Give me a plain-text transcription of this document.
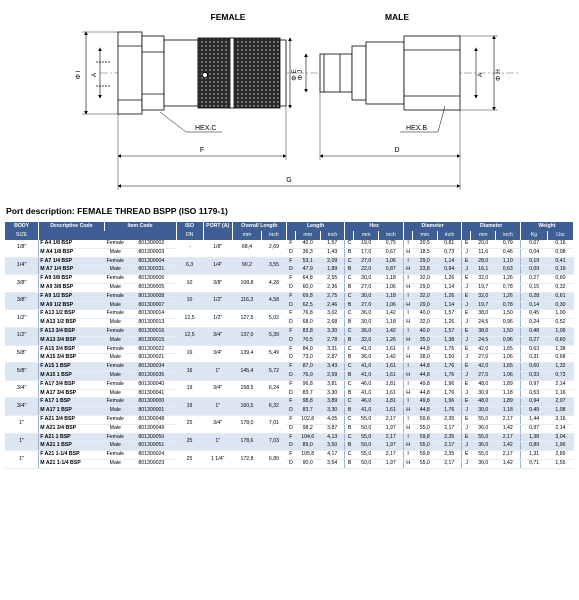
FEMALE	MALE
Φ I A	Φ E Φ J	A Φ H
HEX.C	HEX.B
F	D
G
Port description: FEMALE THREAD BSPP (ISO 1179-1)
BODY	Descriptive Code	Item Code		ISO	PORT (A)	Overall Length		Length			Hex			Diameter			Diameter			Weight	
SIZE				DN		mm	inch		mm	inch		mm	inch		mm	inch		mm	inch	Kg	Lbs
1/8"	F A4 1/8 BSP	Female	801300002	-	1/8"	68,4	2,69	F	40,0	1,57	C	19,0	0,75	I	20,5	0,81	E	20,0	0,79	0,07	0,16
	M A4 1/8 BSP	Male	801300003					D	36,3	1,43	B	17,0	0,67	H	18,5	0,73	J	11,6	0,46	0,04	0,08
1/4"	F A7 1/4 BSP	Female	801300004	6,3	1/4"	90,2	3,55	F	53,1	2,09	C	27,0	1,06	I	29,0	1,14	E	28,0	1,10	0,19	0,41
	M A7 1/4 BSP	Male	801300331					D	47,9	1,89	B	22,0	0,87	H	23,8	0,94	J	16,1	0,63	0,09	0,19
3/8"	F A9 3/8 BSP	Female	801300006	10	3/8"	108,8	4,28	F	64,8	2,55	C	30,0	1,18	I	32,0	1,26	E	32,0	1,26	0,27	0,60
	M A9 3/8 BSP	Male	801300005					D	60,0	2,36	B	27,0	1,06	H	29,0	1,14	J	19,7	0,78	0,15	0,32
3/8"	F A9 1/2 BSP	Female	801300008	10	1/2"	116,3	4,58	F	69,8	2,75	C	30,0	1,18	I	32,0	1,26	E	32,0	1,26	0,28	0,61
	M A9 1/2 BSP	Male	801300007					D	62,5	2,46	B	27,0	1,06	H	29,0	1,14	J	19,7	0,78	0,14	0,30
1/2"	F A13 1/2 BSP	Female	801300014	12,5	1/2"	127,5	5,02	F	76,8	3,02	C	36,0	1,42	I	40,0	1,57	E	38,0	1,50	0,45	1,00
	M A13 1/2 BSP	Male	801300013					D	68,0	2,68	B	30,0	1,18	H	32,0	1,26	J	24,5	0,96	0,24	0,52
1/2"	F A13 3/4 BSP	Female	801300016	12,5	3/4"	137,0	5,39	F	83,8	3,30	C	36,0	1,42	I	40,0	1,57	E	38,0	1,50	0,48	1,06
	M A13 3/4 BSP	Male	801300015					D	70,5	2,78	B	32,0	1,26	H	35,0	1,38	J	24,5	0,96	0,27	0,60
5/8"	F A15 3/4 BSP	Female	801300022	16	3/4"	139,4	5,49	F	84,0	3,31	C	41,0	1,61	I	44,8	1,76	E	42,0	1,65	0,63	1,38
	M A15 3/4 BSP	Male	801300021					D	73,0	2,87	B	36,0	1,42	H	38,0	1,50	J	27,0	1,06	0,31	0,68
5/8"	F A15 1 BSP	Female	801300034	16	1"	145,4	5,72	F	87,0	3,43	C	41,0	1,61	I	44,8	1,76	E	42,0	1,65	0,60	1,32
	M A15 1 BSP	Male	801300035					D	76,0	2,99	B	41,0	1,61	H	44,8	1,76	J	27,0	1,06	0,33	0,73
3/4"	F A17 3/4 BSP	Female	801300040	19	3/4"	158,5	6,24	F	96,8	3,81	C	46,0	1,81	I	49,8	1,96	E	48,0	1,89	0,97	2,14
	M A17 3/4 BSP	Male	801300041					D	83,7	3,30	B	41,0	1,61	H	44,8	1,76	J	30,9	1,18	0,53	1,16
3/4"	F A17 1 BSP	Female	801300000	19	1"	160,5	6,32	F	98,8	3,89	C	46,0	1,81	I	49,8	1,96	E	48,0	1,89	0,94	2,07
	M A17 1 BSP	Male	801300001					D	83,7	3,30	B	41,0	1,61	H	44,8	1,76	J	30,0	1,18	0,49	1,08
1"	F A21 3/4 BSP	Female	801300048	25	3/4"	178,0	7,01	F	102,8	4,05	C	55,0	2,17	I	59,8	2,35	E	55,0	2,17	1,44	3,16
	M A21 3/4 BSP	Male	801300049					D	98,2	3,87	B	50,0	1,97	H	55,0	2,17	J	36,0	1,42	0,97	2,14
1"	F A21 1 BSP	Female	801300050	25	1"	178,6	7,03	F	104,6	4,13	C	55,0	2,17	I	59,8	2,35	E	55,0	2,17	1,38	3,04
	M A21 1 BSP	Male	801300051					D	89,0	3,50	B	50,0	1,97	H	55,0	2,17	J	36,0	1,42	0,89	1,96
1"	F A21 1-1/4 BSP	Female	801300024	25	1 1/4"	172,8	6,80	F	105,8	4,17	C	55,0	2,17	I	59,8	2,35	E	55,0	2,17	1,31	2,89
	M A21 1-1/4 BSP	Male	801300023					D	90,0	3,54	B	50,0	1,97	H	55,0	2,17	J	36,0	1,42	0,71	1,56
